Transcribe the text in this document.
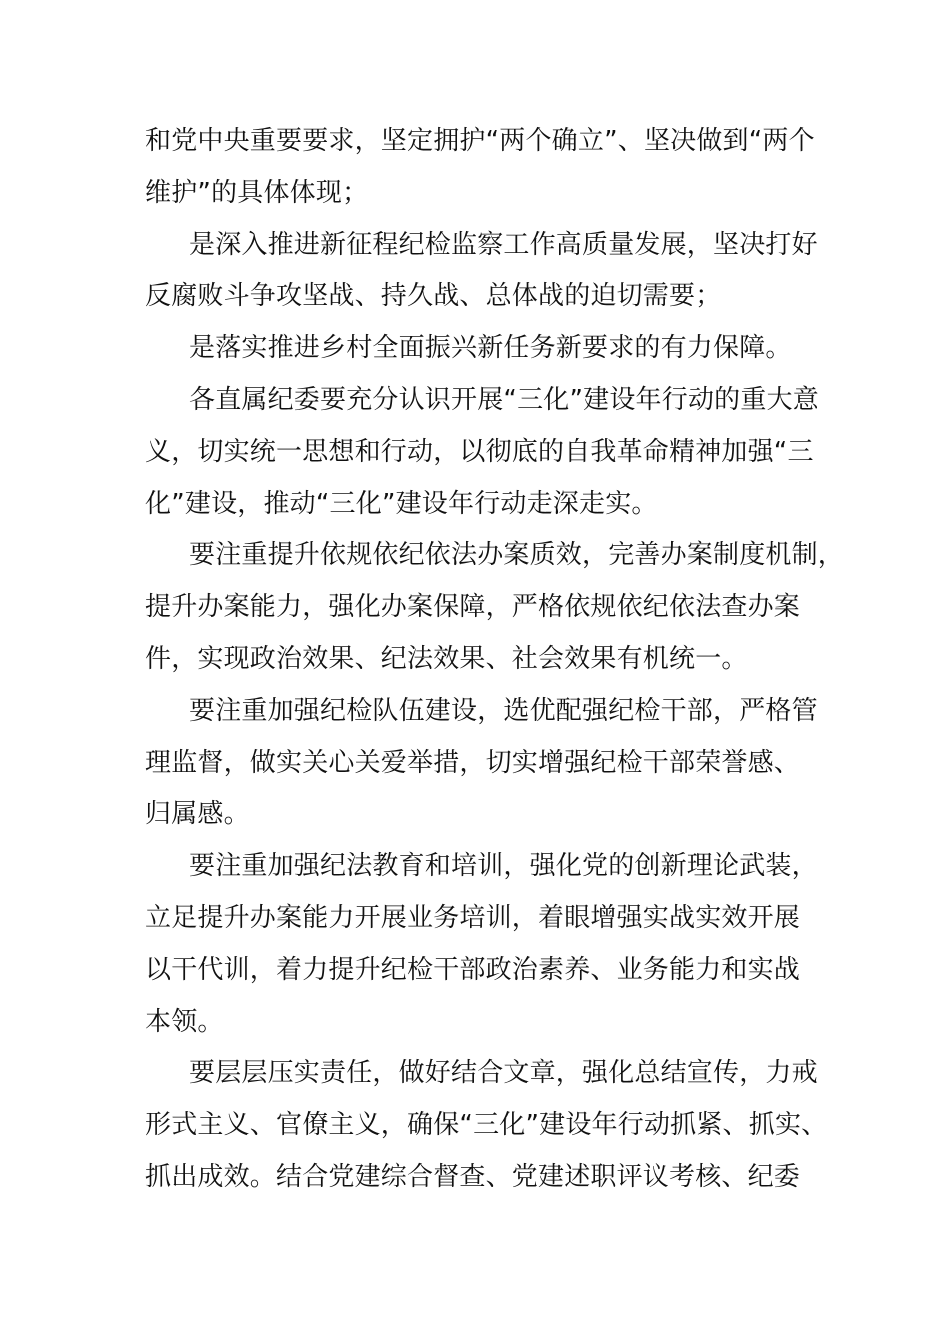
和党中央重要要求，坚定拥护“两个确立”、坚决做到“两个
维护”的具体体现；
是深入推进新征程纪检监察工作高质量发展，坚决打好
反腐败斗争攻坚战、持久战、总体战的迫切需要；
是落实推进乡村全面振兴新任务新要求的有力保障。
各直属纪委要充分认识开展“三化”建设年行动的重大意
义，切实统一思想和行动，以彻底的自我革命精神加强“三
化”建设，推动“三化”建设年行动走深走实。
要注重提升依规依纪依法办案质效，完善办案制度机制，
提升办案能力，强化办案保障，严格依规依纪依法查办案
件，实现政治效果、纪法效果、社会效果有机统一。
要注重加强纪检队伍建设，选优配强纪检干部，严格管
理监督，做实关心关爱举措，切实增强纪检干部荣誉感、
归属感。
要注重加强纪法教育和培训，强化党的创新理论武装，
立足提升办案能力开展业务培训，着眼增强实战实效开展
以干代训，着力提升纪检干部政治素养、业务能力和实战
本领。
要层层压实责任，做好结合文章，强化总结宣传，力戒
形式主义、官僚主义，确保“三化”建设年行动抓紧、抓实、
抓出成效。结合党建综合督查、党建述职评议考核、纪委
